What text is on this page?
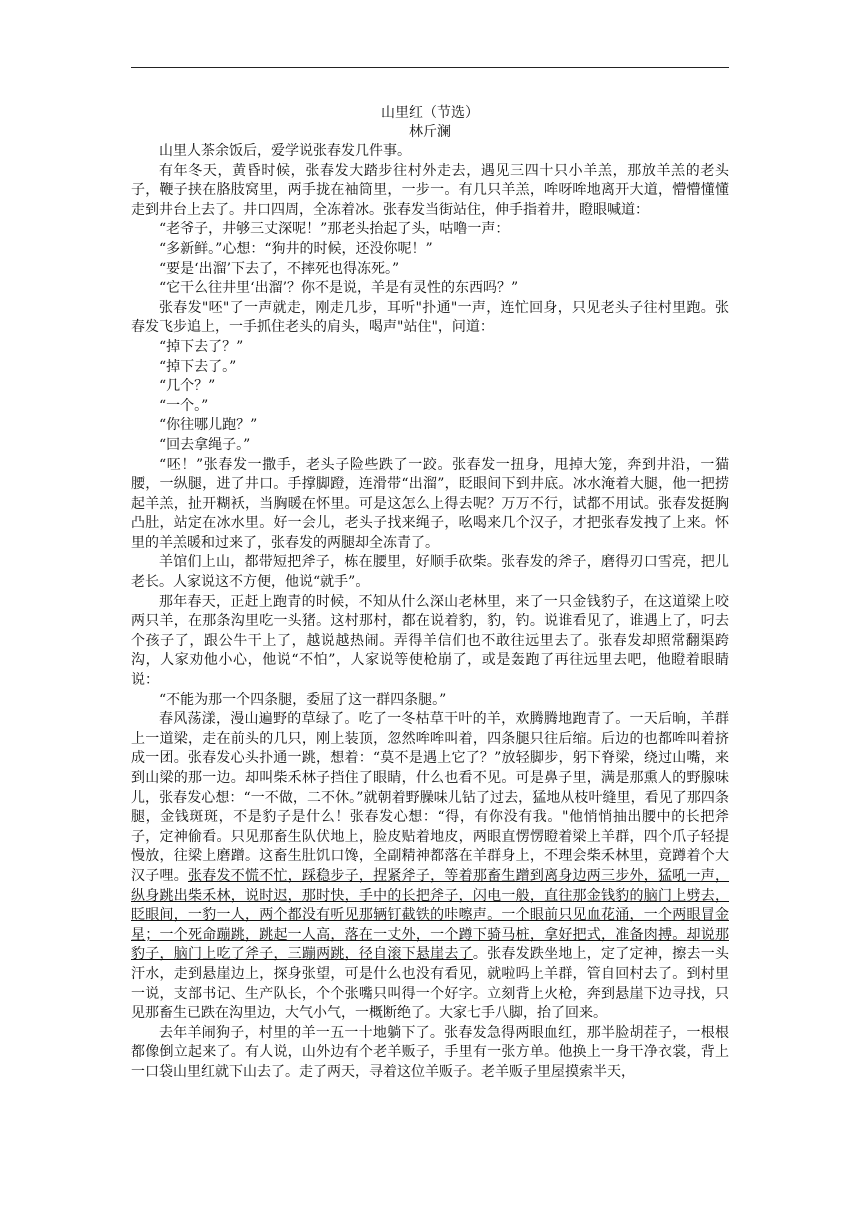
山里红（节选）
林斤澜

山里人茶余饭后，爱学说张春发几件事。

有年冬天，黄昏时候，张春发大踏步往村外走去，遇见三四十只小羊羔，那放羊羔的老头子，鞭子挟在胳肢窝里，两手拢在袖筒里，一步一。有几只羊羔，哞呀哞地离开大道，懵懵懂懂走到井台上去了。井口四周，全冻着冰。张春发当街站住，伸手指着井，瞪眼喊道：

“老爷子，井够三丈深呢！”那老头抬起了头，咕噜一声：

“多新鲜。”心想：“狗井的时候，还没你呢！”

“要是‘出溜’下去了，不摔死也得冻死。”

“它干么往井里‘出溜’？你不是说，羊是有灵性的东西吗？”

张春发"呸"了一声就走，刚走几步，耳听"扑通"一声，连忙回身，只见老头子往村里跑。张春发飞步追上，一手抓住老头的肩头，喝声"站住"，问道：

“掉下去了？”

“掉下去了。”

“几个？”

“一个。”

“你往哪儿跑？”

“回去拿绳子。”

“呸！”张春发一撒手，老头子险些跌了一跤。张春发一扭身，甩掉大笼，奔到井沿，一猫腰，一纵腿，进了井口。手撑脚蹬，连滑带“出溜”，眨眼间下到井底。冰水淹着大腿，他一把捞起羊羔，扯开糊袄，当胸暖在怀里。可是这怎么上得去呢？万万不行，试都不用试。张春发挺胸凸肚，站定在冰水里。好一会儿，老头子找来绳子，吆喝来几个汉子，才把张春发拽了上来。怀里的羊羔暖和过来了，张春发的两腿却全冻青了。

羊馆们上山，都带短把斧子，栋在腰里，好顺手砍柴。张春发的斧子，磨得刃口雪亮，把儿老长。人家说这不方便，他说“就手”。

那年春天，正赶上跑青的时候，不知从什么深山老林里，来了一只金钱豹子，在这道梁上咬两只羊，在那条沟里吃一头猪。这村那村，都在说着豹，豹，钓。说谁看见了，谁遇上了，叼去个孩子了，跟公牛干上了，越说越热闹。弄得羊信们也不敢往远里去了。张春发却照常翻渠跨沟，人家劝他小心，他说“不怕”，人家说等使枪崩了，或是轰跑了再往远里去吧，他瞪着眼睛说：

“不能为那一个四条腿，委屈了这一群四条腿。”

春风荡漾，漫山遍野的草绿了。吃了一冬枯草干叶的羊，欢腾腾地跑青了。一天后晌，羊群上一道梁，走在前头的几只，刚上装顶，忽然哞哞叫着，四条腿只往后缩。后边的也都哞叫着挤成一团。张春发心头扑通一跳，想着：“莫不是遇上它了？”放轻脚步，躬下脊梁，绕过山嘴，来到山梁的那一边。却叫柴禾林子挡住了眼睛，什么也看不见。可是鼻子里，满是那熏人的野腺味儿，张春发心想：“一不做，二不休。”就朝着野臊味儿钻了过去，猛地从枝叶缝里，看见了那四条腿，金钱斑斑，不是豹子是什么！张春发心想：“得，有你没有我。"他悄悄抽出腰中的长把斧子，定神偷看。只见那畜生队伏地上，脸皮贴着地皮，两眼直愣愣瞪着梁上羊群，四个爪子轻提慢放，往梁上磨蹭。这畜生肚饥口馋，全副精神都落在羊群身上，不理会柴禾林里，竟蹲着个大汉子哩。张春发不慌不忙，踩稳步子，捏紧斧子，等着那畜生蹭到离身边两三步外，猛吼一声，纵身跳出柴禾林，说时迟，那时快，手中的长把斧子，闪电一般，直往那金钱豹的脑门上劈去，眨眼间，一豹一人，两个都没有听见那辆钉截铁的咔嚓声。一个眼前只见血花涌，一个两眼冒金星；一个死命蹦跳，跳起一人高，落在一丈外，一个蹲下骑马桩，拿好把式，准备肉搏。却说那豹子，脑门上吃了斧子，三蹦两跳，径自滚下悬崖去了。张春发跌坐地上，定了定神，擦去一头汗水，走到悬崖边上，探身张望，可是什么也没有看见，就啦吗上羊群，管自回村去了。到村里一说，支部书记、生产队长，个个张嘴只叫得一个好字。立刻背上火枪，奔到悬崖下边寻找，只见那畜生已跌在沟里边，大气小气，一概断绝了。大家七手八脚，抬了回来。

去年羊闹狗子，村里的羊一五一十地躺下了。张春发急得两眼血红，那半脸胡茬子，一根根都像倒立起来了。有人说，山外边有个老羊贩子，手里有一张方单。他换上一身干净衣裳，背上一口袋山里红就下山去了。走了两天，寻着这位羊贩子。老羊贩子里屋摸索半天，
